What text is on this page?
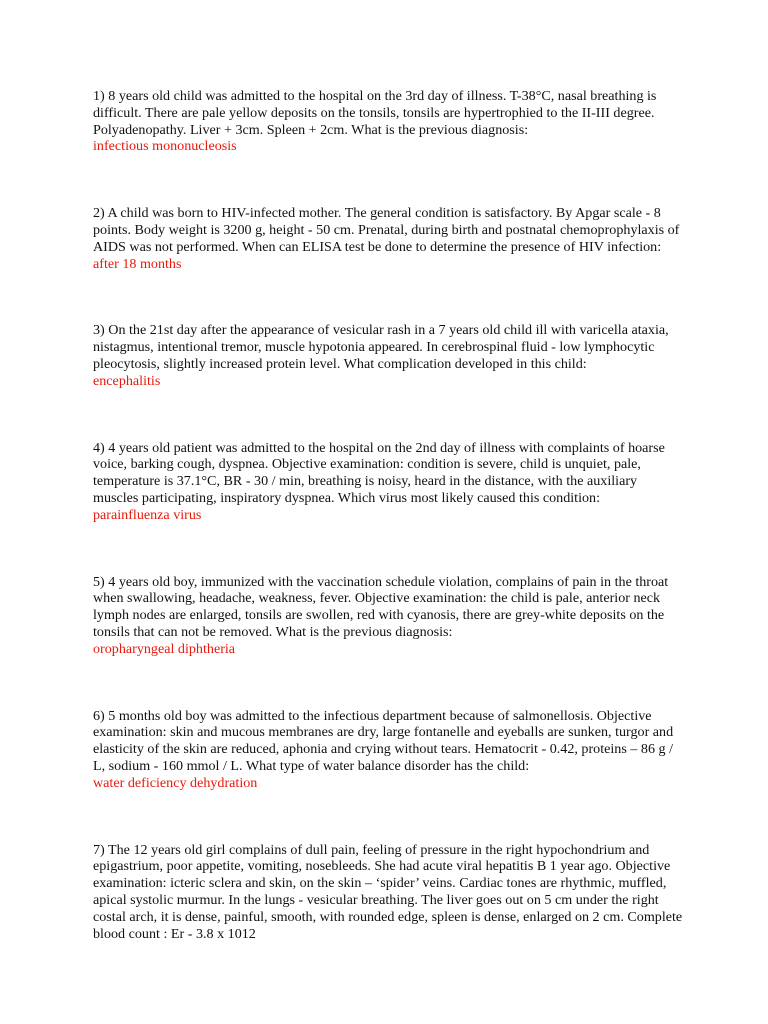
1) 8 years old child was admitted to the hospital on the 3rd day of illness. T-38°C, nasal breathing is difficult. There are pale yellow deposits on the tonsils, tonsils are hypertrophied to the II-III degree. Polyadenopathy. Liver + 3cm. Spleen + 2cm. What is the previous diagnosis:

infectious mononucleosis

2) A child was born to HIV-infected mother. The general condition is satisfactory. By Apgar scale - 8 points. Body weight is 3200 g, height - 50 cm. Prenatal, during birth and postnatal chemoprophylaxis of AIDS was not performed. When can ELISA test be done to determine the presence of HIV infection:

after 18 months

3) On the 21st day after the appearance of vesicular rash in a 7 years old child ill with varicella ataxia, nistagmus, intentional tremor, muscle hypotonia appeared. In cerebrospinal fluid - low lymphocytic pleocytosis, slightly increased protein level. What complication developed in this child:

encephalitis

4) 4 years old patient was admitted to the hospital on the 2nd day of illness with complaints of hoarse voice, barking cough, dyspnea. Objective examination: condition is severe, child is unquiet, pale, temperature is 37.1°C, BR - 30 / min, breathing is noisy, heard in the distance, with the auxiliary muscles participating, inspiratory dyspnea. Which virus most likely caused this condition:

parainfluenza virus

5) 4 years old boy, immunized with the vaccination schedule violation, complains of pain in the throat when swallowing, headache, weakness, fever. Objective examination: the child is pale, anterior neck lymph nodes are enlarged, tonsils are swollen, red with cyanosis, there are grey-white deposits on the tonsils that can not be removed. What is the previous diagnosis:

oropharyngeal diphtheria

6) 5 months old boy was admitted to the infectious department because of salmonellosis. Objective examination: skin and mucous membranes are dry, large fontanelle and eyeballs are sunken, turgor and elasticity of the skin are reduced, aphonia and crying without tears. Hematocrit - 0.42, proteins – 86 g / L, sodium - 160 mmol / L. What type of water balance disorder has the child:

water deficiency dehydration

7) The 12 years old girl complains of dull pain, feeling of pressure in the right hypochondrium and epigastrium, poor appetite, vomiting, nosebleeds. She had acute viral hepatitis B 1 year ago. Objective examination: icteric sclera and skin, on the skin – ‘spider’ veins. Cardiac tones are rhythmic, muffled, apical systolic murmur. In the lungs - vesicular breathing. The liver goes out on 5 cm under the right costal arch, it is dense, painful, smooth, with rounded edge, spleen is dense, enlarged on 2 cm. Complete blood count : Er - 3.8 x 1012
